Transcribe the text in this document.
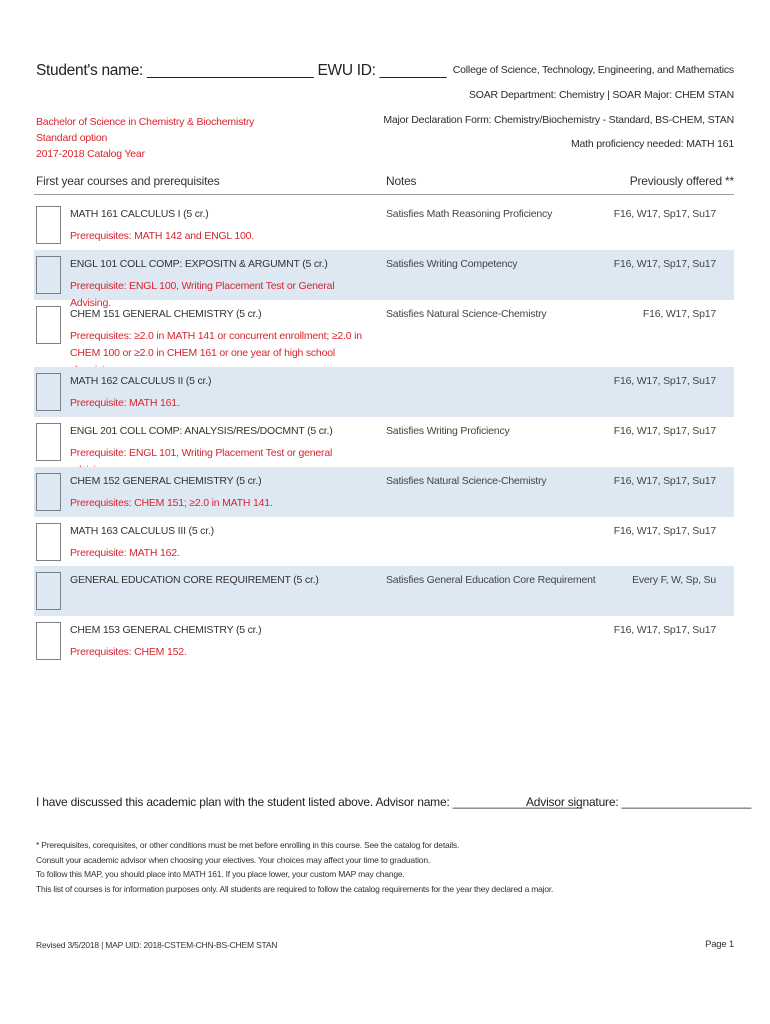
Student's name: ____________________ EWU ID: ________ College of Science, Technology, Engineering, and Mathematics
SOAR Department: Chemistry | SOAR Major: CHEM STAN
Major Declaration Form: Chemistry/Biochemistry - Standard, BS-CHEM, STAN
Math proficiency needed: MATH 161
Bachelor of Science in Chemistry & Biochemistry
Standard option
2017-2018 Catalog Year
First year courses and prerequisites	Notes	Previously offered **
MATH 161 CALCULUS I (5 cr.)
Prerequisites: MATH 142 and ENGL 100.
Satisfies Math Reasoning Proficiency	F16, W17, Sp17, Su17
ENGL 101 COLL COMP: EXPOSITN & ARGUMNT (5 cr.)
Prerequisite: ENGL 100, Writing Placement Test or General Advising.
Satisfies Writing Competency	F16, W17, Sp17, Su17
CHEM 151 GENERAL CHEMISTRY (5 cr.)
Prerequisites: ≥2.0 in MATH 141 or concurrent enrollment; ≥2.0 in CHEM 100 or ≥2.0 in CHEM 161 or one year of high school
Satisfies Natural Science-Chemistry	F16, W17, Sp17
MATH 162 CALCULUS II (5 cr.)
Prerequisite: MATH 161.
F16, W17, Sp17, Su17
ENGL 201 COLL COMP: ANALYSIS/RES/DOCMNT (5 cr.)
Prerequisite: ENGL 101, Writing Placement Test or general
Satisfies Writing Proficiency	F16, W17, Sp17, Su17
CHEM 152 GENERAL CHEMISTRY (5 cr.)
Prerequisites: CHEM 151; ≥2.0 in MATH 141.
Satisfies Natural Science-Chemistry	F16, W17, Sp17, Su17
MATH 163 CALCULUS III (5 cr.)
Prerequisite: MATH 162.
F16, W17, Sp17, Su17
GENERAL EDUCATION CORE REQUIREMENT (5 cr.)	Satisfies General Education Core Requirement	Every F, W, Sp, Su
CHEM 153 GENERAL CHEMISTRY (5 cr.)
Prerequisites: CHEM 152.
F16, W17, Sp17, Su17
I have discussed this academic plan with the student listed above. Advisor name: ____________________
Advisor signature: ____________________
* Prerequisites, corequisites, or other conditions must be met before enrolling in this course. See the catalog for details.
Consult your academic advisor when choosing your electives. Your choices may affect your time to graduation.
To follow this MAP, you should place into MATH 161. If you place lower, your custom MAP may change.
This list of courses is for information purposes only. All students are required to follow the catalog requirements for the year they declared a major.
Revised 3/5/2018 | MAP UID: 2018-CSTEM-CHN-BS-CHEM STAN	Page 1
